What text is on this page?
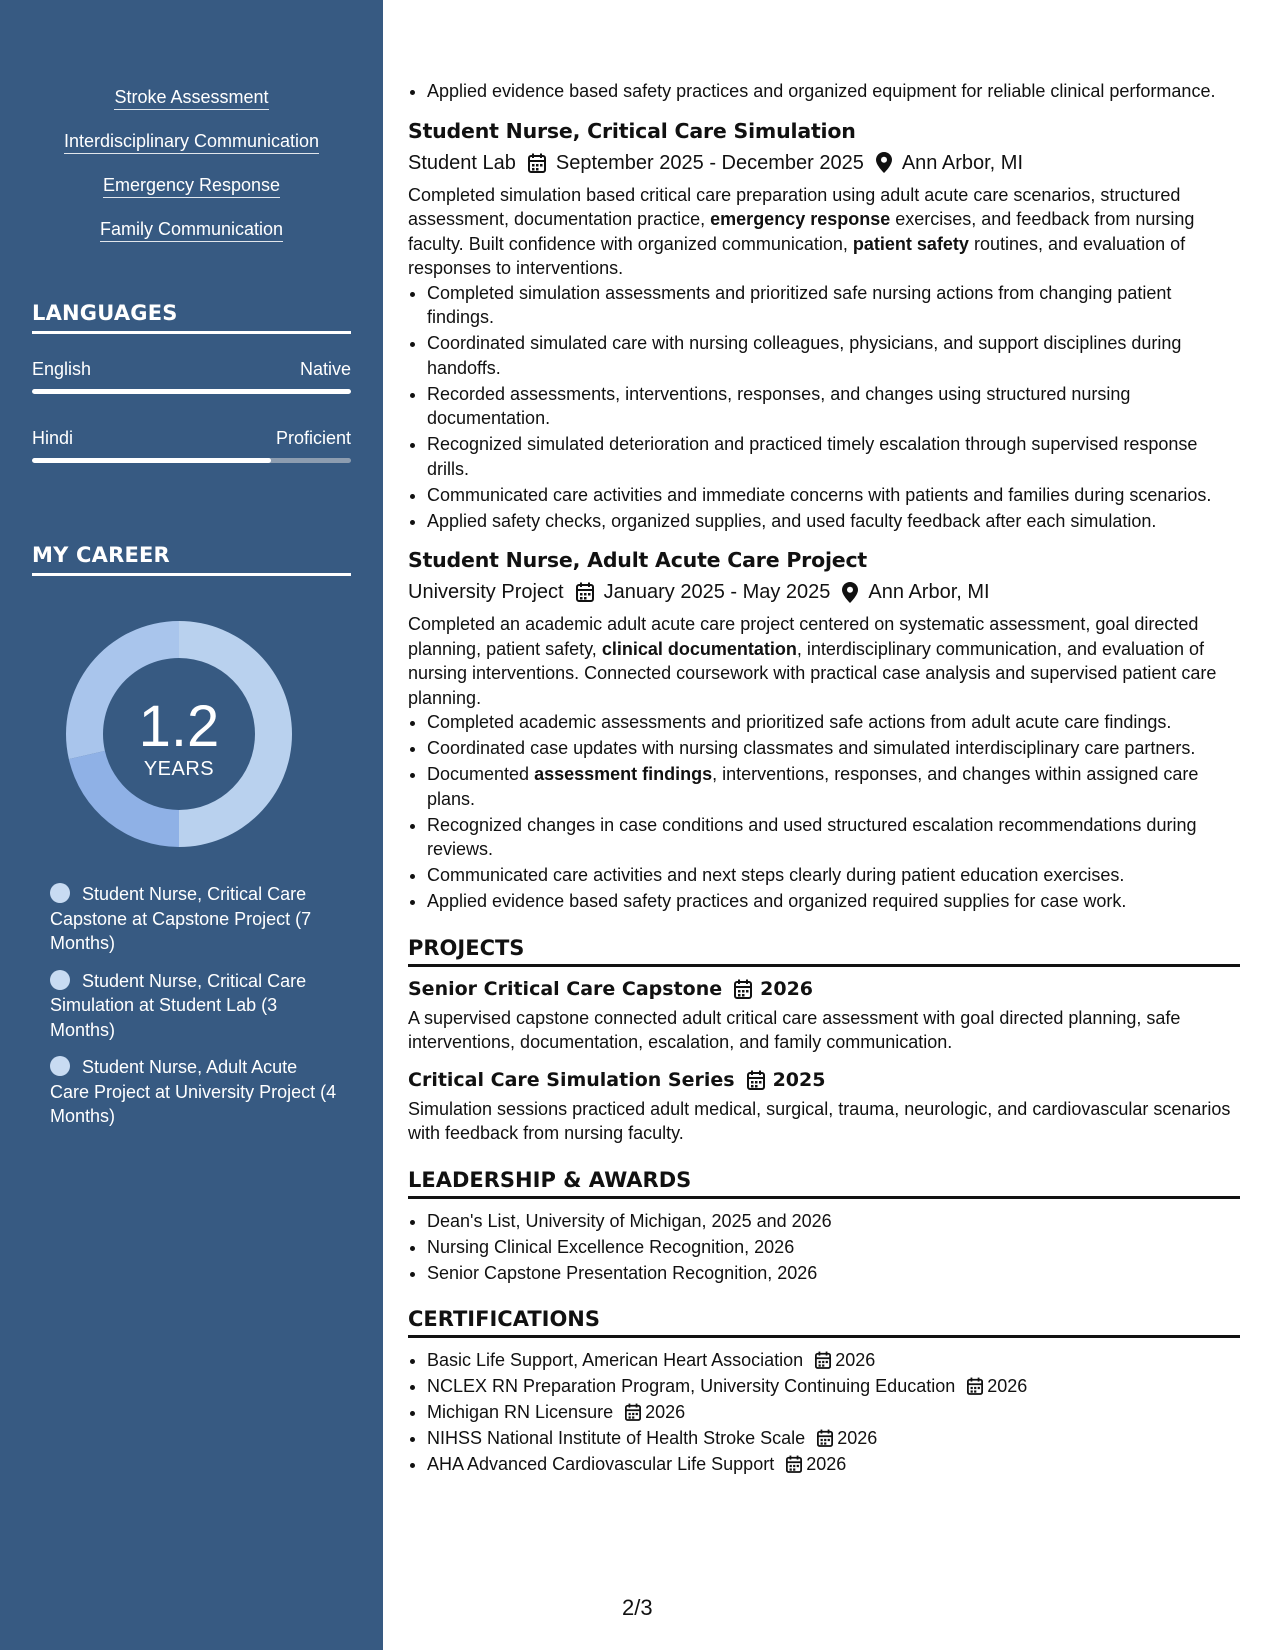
Stroke Assessment
Interdisciplinary Communication
Emergency Response
Family Communication
LANGUAGES
English	Native
Hindi	Proficient
MY CAREER
1.2
YEARS
Student Nurse, Critical Care Capstone at Capstone Project (7 Months)
Student Nurse, Critical Care Simulation at Student Lab (3 Months)
Student Nurse, Adult Acute Care Project at University Project (4 Months)
• Applied evidence based safety practices and organized equipment for reliable clinical performance.
Student Nurse, Critical Care Simulation
Student Lab September 2025 - December 2025 Ann Arbor, MI
Completed simulation based critical care preparation using adult acute care scenarios, structured assessment, documentation practice, emergency response exercises, and feedback from nursing faculty. Built confidence with organized communication, patient safety routines, and evaluation of responses to interventions.
• Completed simulation assessments and prioritized safe nursing actions from changing patient findings.
• Coordinated simulated care with nursing colleagues, physicians, and support disciplines during handoffs.
• Recorded assessments, interventions, responses, and changes using structured nursing documentation.
• Recognized simulated deterioration and practiced timely escalation through supervised response drills.
• Communicated care activities and immediate concerns with patients and families during scenarios.
• Applied safety checks, organized supplies, and used faculty feedback after each simulation.
Student Nurse, Adult Acute Care Project
University Project January 2025 - May 2025 Ann Arbor, MI
Completed an academic adult acute care project centered on systematic assessment, goal directed planning, patient safety, clinical documentation, interdisciplinary communication, and evaluation of nursing interventions. Connected coursework with practical case analysis and supervised patient care planning.
• Completed academic assessments and prioritized safe actions from adult acute care findings.
• Coordinated case updates with nursing classmates and simulated interdisciplinary care partners.
• Documented assessment findings, interventions, responses, and changes within assigned care plans.
• Recognized changes in case conditions and used structured escalation recommendations during reviews.
• Communicated care activities and next steps clearly during patient education exercises.
• Applied evidence based safety practices and organized required supplies for case work.
PROJECTS
Senior Critical Care Capstone 2026
A supervised capstone connected adult critical care assessment with goal directed planning, safe interventions, documentation, escalation, and family communication.
Critical Care Simulation Series 2025
Simulation sessions practiced adult medical, surgical, trauma, neurologic, and cardiovascular scenarios with feedback from nursing faculty.
LEADERSHIP & AWARDS
• Dean's List, University of Michigan, 2025 and 2026
• Nursing Clinical Excellence Recognition, 2026
• Senior Capstone Presentation Recognition, 2026
CERTIFICATIONS
• Basic Life Support, American Heart Association 2026
• NCLEX RN Preparation Program, University Continuing Education 2026
• Michigan RN Licensure 2026
• NIHSS National Institute of Health Stroke Scale 2026
• AHA Advanced Cardiovascular Life Support 2026
2/3
